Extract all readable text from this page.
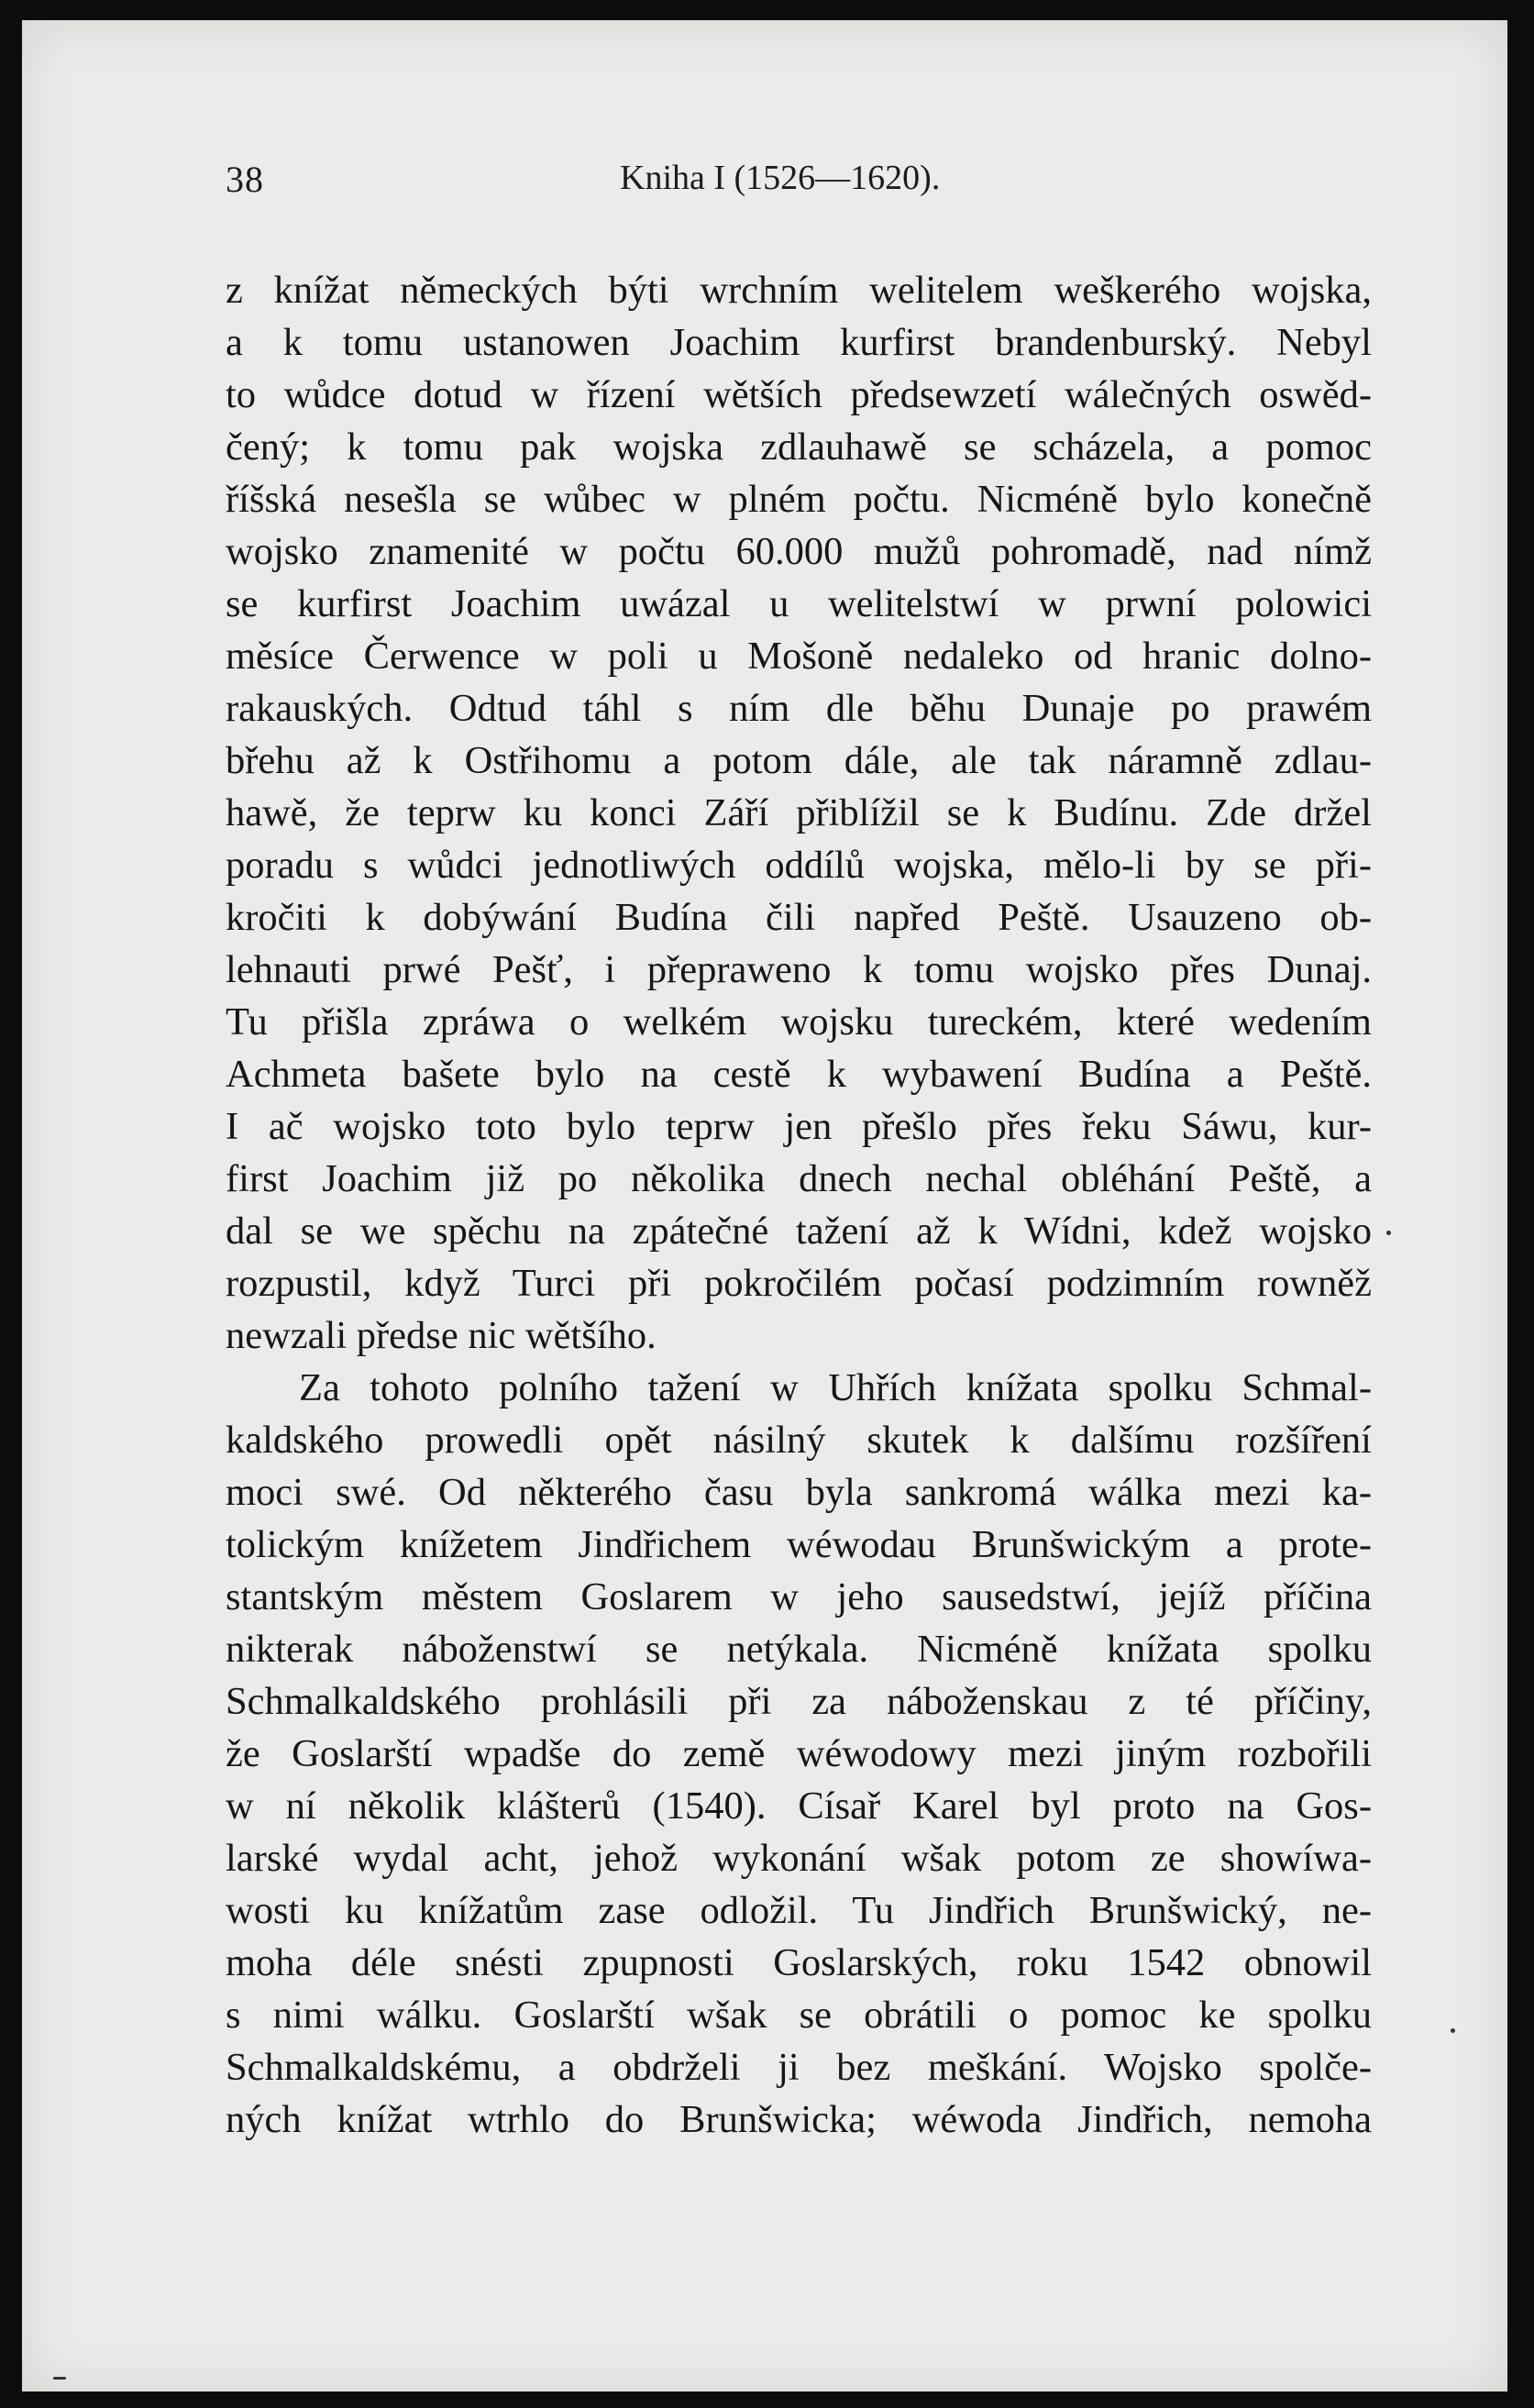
38	Kniha I (1526—1620).
z knížat německých býti wrchním welitelem weškerého wojska,
a k tomu ustanowen Joachim kurfirst brandenburský. Nebyl
to wůdce dotud w řízení wětších předsewzetí wálečných oswěd-
čený; k tomu pak wojska zdlauhawě se scházela, a pomoc
říšská nesešla se wůbec w plném počtu. Nicméně bylo konečně
wojsko znamenité w počtu 60.000 mužů pohromadě, nad nímž
se kurfirst Joachim uwázal u welitelstwí w prwní polowici
měsíce Čerwence w poli u Mošoně nedaleko od hranic dolno-
rakauských. Odtud táhl s ním dle běhu Dunaje po prawém
břehu až k Ostřihomu a potom dále, ale tak náramně zdlau-
hawě, že teprw ku konci Září přiblížil se k Budínu. Zde držel
poradu s wůdci jednotliwých oddílů wojska, mělo-li by se při-
kročiti k dobýwání Budína čili napřed Peště. Usauzeno ob-
lehnauti prwé Pešť, i přepraweno k tomu wojsko přes Dunaj.
Tu přišla zpráwa o welkém wojsku tureckém, které wedením
Achmeta bašete bylo na cestě k wybawení Budína a Peště.
I ač wojsko toto bylo teprw jen přešlo přes řeku Sáwu, kur-
first Joachim již po několika dnech nechal obléhání Peště, a
dal se we spěchu na zpátečné tažení až k Wídni, kdež wojsko
rozpustil, když Turci při pokročilém počasí podzimním rowněž
newzali předse nic wětšího.
Za tohoto polního tažení w Uhřích knížata spolku Schmal-
kaldského prowedli opět násilný skutek k dalšímu rozšíření
moci swé. Od některého času byla sankromá wálka mezi ka-
tolickým knížetem Jindřichem wéwodau Brunšwickým a prote-
stantským městem Goslarem w jeho sausedstwí, jejíž příčina
nikterak náboženstwí se netýkala. Nicméně knížata spolku
Schmalkaldského prohlásili při za náboženskau z té příčiny,
že Goslarští wpadše do země wéwodowy mezi jiným rozbořili
w ní několik klášterů (1540). Císař Karel byl proto na Gos-
larské wydal acht, jehož wykonání wšak potom ze showíwa-
wosti ku knížatům zase odložil. Tu Jindřich Brunšwický, ne-
moha déle snésti zpupnosti Goslarských, roku 1542 obnowil
s nimi wálku. Goslarští wšak se obrátili o pomoc ke spolku
Schmalkaldskému, a obdrželi ji bez meškání. Wojsko spolče-
ných knížat wtrhlo do Brunšwicka; wéwoda Jindřich, nemoha
